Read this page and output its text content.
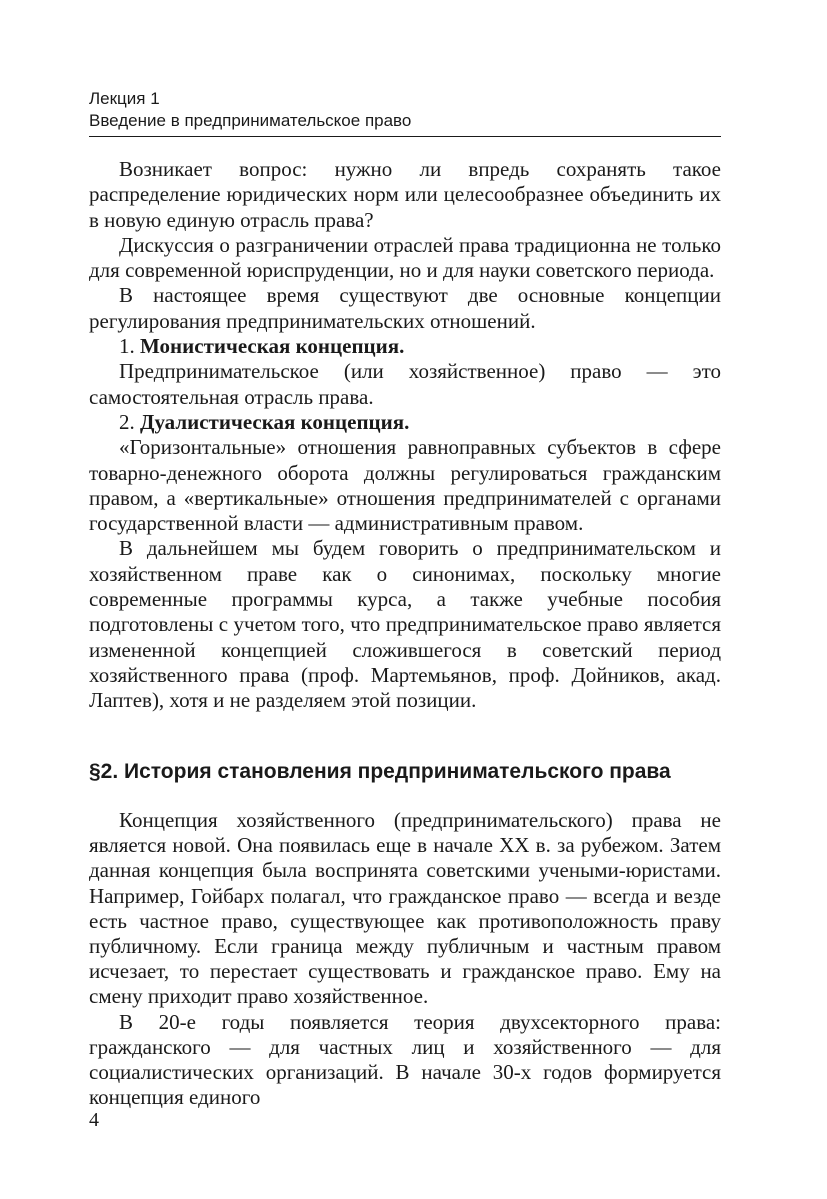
Лекция 1
Введение в предпринимательское право

Возникает вопрос: нужно ли впредь сохранять такое распределение юридических норм или целесообразнее объединить их в новую единую отрасль права?

Дискуссия о разграничении отраслей права традиционна не только для современной юриспруденции, но и для науки советского периода.

В настоящее время существуют две основные концепции регулирования предпринимательских отношений.

1. Монистическая концепция.

Предпринимательское (или хозяйственное) право — это самостоятельная отрасль права.

2. Дуалистическая концепция.

«Горизонтальные» отношения равноправных субъектов в сфере товарно-денежного оборота должны регулироваться гражданским правом, а «вертикальные» отношения предпринимателей с органами государственной власти — административным правом.

В дальнейшем мы будем говорить о предпринимательском и хозяйственном праве как о синонимах, поскольку многие современные программы курса, а также учебные пособия подготовлены с учетом того, что предпринимательское право является измененной концепцией сложившегося в советский период хозяйственного права (проф. Мартемьянов, проф. Дойников, акад. Лаптев), хотя и не разделяем этой позиции.

§2. История становления предпринимательского права

Концепция хозяйственного (предпринимательского) права не является новой. Она появилась еще в начале XX в. за рубежом. Затем данная концепция была воспринята советскими учеными-юристами. Например, Гойбарх полагал, что гражданское право — всегда и везде есть частное право, существующее как противоположность праву публичному. Если граница между публичным и частным правом исчезает, то перестает существовать и гражданское право. Ему на смену приходит право хозяйственное.

В 20-е годы появляется теория двухсекторного права: гражданского — для частных лиц и хозяйственного — для социалистических организаций. В начале 30-х годов формируется концепция единого

4
